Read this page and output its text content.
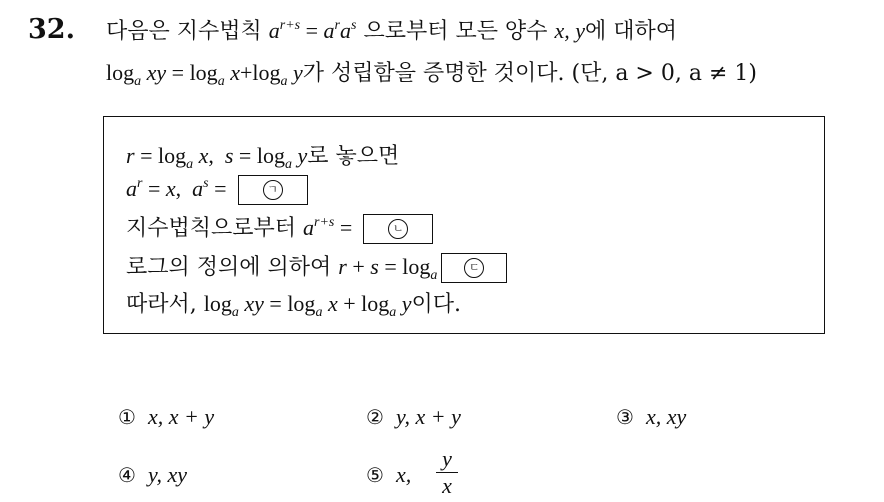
32. 다음은 지수법칙 $a^{r+s} = a^ra^s$ 으로부터 모든 양수 x, y에 대하여
$\log_a$ xy = $\log_a x+\log_a$ y가 성립함을 증명한 것이다. (단, a > 0, a ≠ 1)
$r = \log_a x$,  $s = \log_a y$로 놓으면
$a^r = x$,  $a^s$ =	ㄱ
지수법칙으로부터 $a^{r+s}$ =	ㄴ
로그의 정의에 의하여 $r + s = \log_a$
ㄷ
따라서, $\log_a$ xy = $\log_a x + \log_a y$이다.
① x, x + y	② y, x + y	③ x, xy
④ y, xy	⑤ x,
y
x
